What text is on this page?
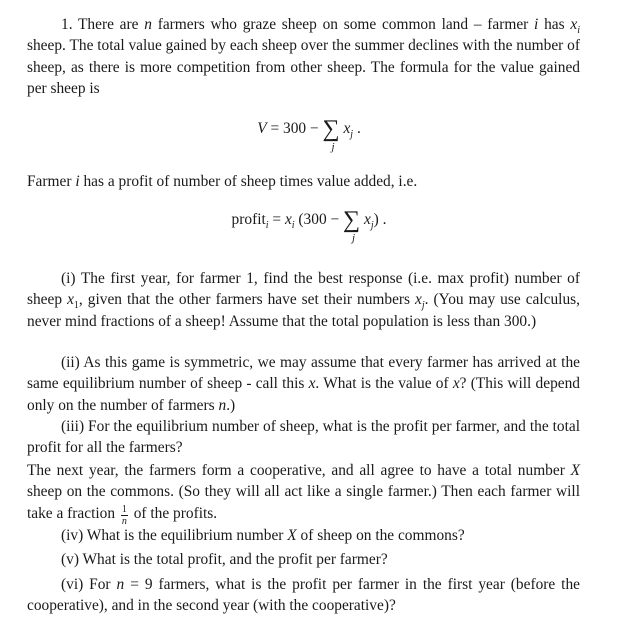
1. There are n farmers who graze sheep on some common land – farmer i has $x_i$ sheep. The total value gained by each sheep over the summer declines with the number of sheep, as there is more competition from other sheep. The formula for the value gained per sheep is

V = 300 − ∑
j
$x_j$ .

Farmer i has a profit of number of sheep times value added, i.e.

profit$_i$ = $x_i$ (300 − ∑
j
$x_j$) .

(i) The first year, for farmer 1, find the best response (i.e. max profit) number of sheep $x_1$, given that the other farmers have set their numbers $x_j$. (You may use calculus, never mind fractions of a sheep! Assume that the total population is less than 300.)

(ii) As this game is symmetric, we may assume that every farmer has arrived at the same equilibrium number of sheep - call this x. What is the value of x? (This will depend only on the number of farmers n.)

(iii) For the equilibrium number of sheep, what is the profit per farmer, and the total profit for all the farmers?

The next year, the farmers form a cooperative, and all agree to have a total number X sheep on the commons. (So they will all act like a single farmer.) Then each farmer will take a fraction $\frac{1}{n}$ of the profits.

(iv) What is the equilibrium number X of sheep on the commons?

(v) What is the total profit, and the profit per farmer?

(vi) For n = 9 farmers, what is the profit per farmer in the first year (before the cooperative), and in the second year (with the cooperative)?
